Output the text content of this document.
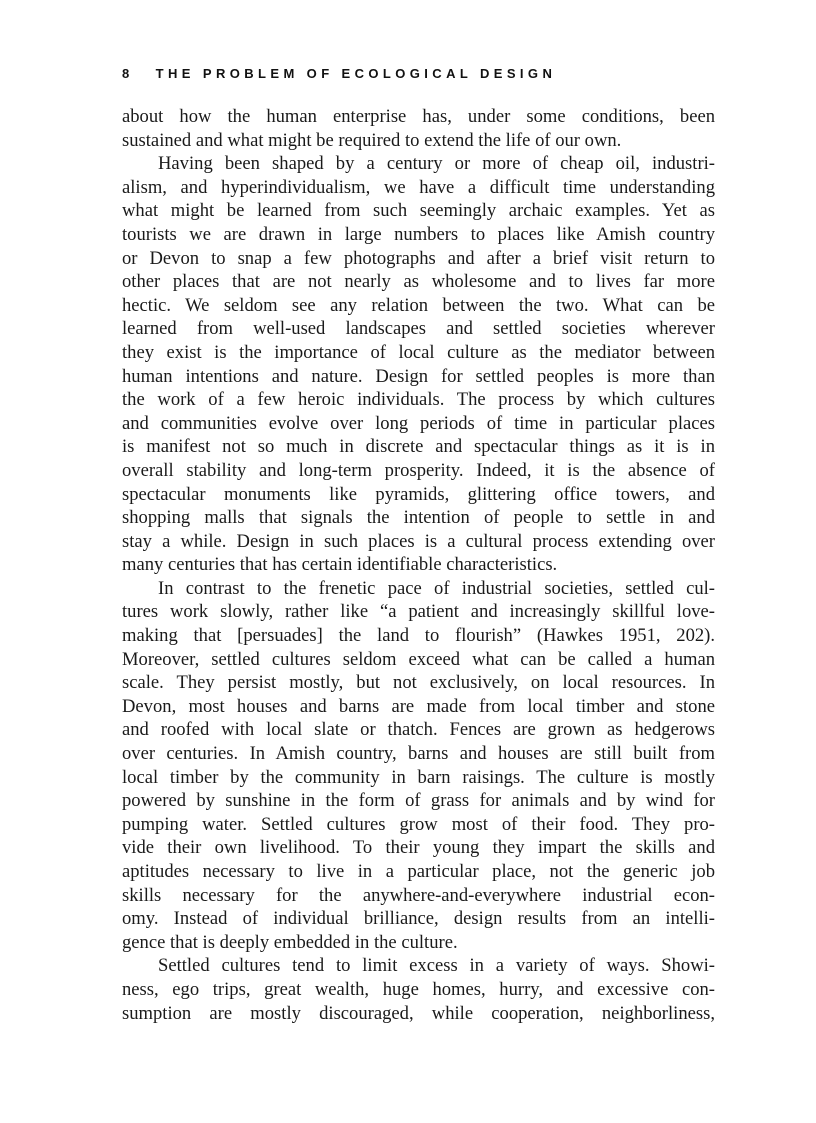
8 THE PROBLEM OF ECOLOGICAL DESIGN

about how the human enterprise has, under some conditions, been
sustained and what might be required to extend the life of our own.

Having been shaped by a century or more of cheap oil, industri-
alism, and hyperindividualism, we have a difficult time understanding
what might be learned from such seemingly archaic examples. Yet as
tourists we are drawn in large numbers to places like Amish country
or Devon to snap a few photographs and after a brief visit return to
other places that are not nearly as wholesome and to lives far more
hectic. We seldom see any relation between the two. What can be
learned from well-used landscapes and settled societies wherever
they exist is the importance of local culture as the mediator between
human intentions and nature. Design for settled peoples is more than
the work of a few heroic individuals. The process by which cultures
and communities evolve over long periods of time in particular places
is manifest not so much in discrete and spectacular things as it is in
overall stability and long-term prosperity. Indeed, it is the absence of
spectacular monuments like pyramids, glittering office towers, and
shopping malls that signals the intention of people to settle in and
stay a while. Design in such places is a cultural process extending over
many centuries that has certain identifiable characteristics.

In contrast to the frenetic pace of industrial societies, settled cul-
tures work slowly, rather like “a patient and increasingly skillful love-
making that [persuades] the land to flourish” (Hawkes 1951, 202).
Moreover, settled cultures seldom exceed what can be called a human
scale. They persist mostly, but not exclusively, on local resources. In
Devon, most houses and barns are made from local timber and stone
and roofed with local slate or thatch. Fences are grown as hedgerows
over centuries. In Amish country, barns and houses are still built from
local timber by the community in barn raisings. The culture is mostly
powered by sunshine in the form of grass for animals and by wind for
pumping water. Settled cultures grow most of their food. They pro-
vide their own livelihood. To their young they impart the skills and
aptitudes necessary to live in a particular place, not the generic job
skills necessary for the anywhere-and-everywhere industrial econ-
omy. Instead of individual brilliance, design results from an intelli-
gence that is deeply embedded in the culture.

Settled cultures tend to limit excess in a variety of ways. Showi-
ness, ego trips, great wealth, huge homes, hurry, and excessive con-
sumption are mostly discouraged, while cooperation, neighborliness,
